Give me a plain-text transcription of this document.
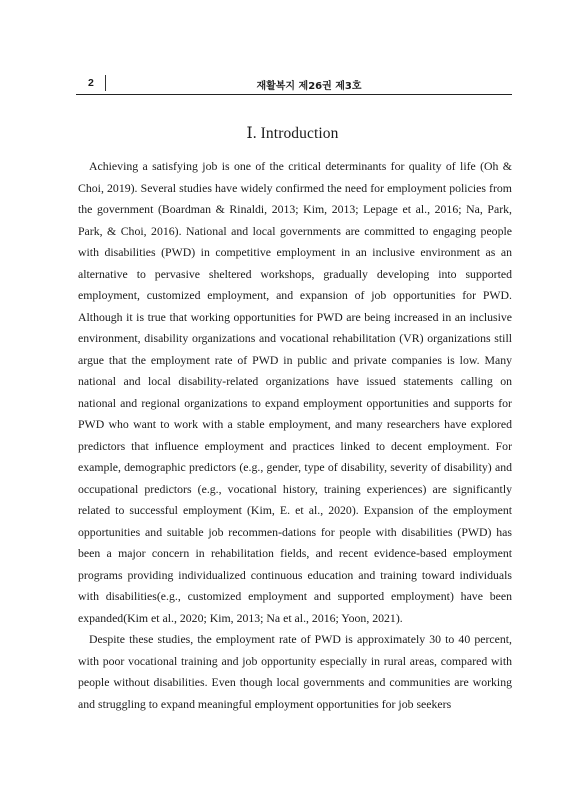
2	재활복지 제26권 제3호
Ⅰ. Introduction

Achieving a satisfying job is one of the critical determinants for quality of life (Oh & Choi, 2019). Several studies have widely confirmed the need for employment policies from the government (Boardman & Rinaldi, 2013; Kim, 2013; Lepage et al., 2016; Na, Park, Park, & Choi, 2016). National and local governments are committed to engaging people with disabilities (PWD) in competitive employment in an inclusive environment as an alternative to pervasive sheltered workshops, gradually developing into supported employment, customized employment, and expansion of job opportunities for PWD. Although it is true that working opportunities for PWD are being increased in an inclusive environment, disability organizations and vocational rehabilitation (VR) organizations still argue that the employment rate of PWD in public and private companies is low. Many national and local disability-related organizations have issued statements calling on national and regional organizations to expand employment opportunities and supports for PWD who want to work with a stable employment, and many researchers have explored predictors that influence employment and practices linked to decent employment. For example, demographic predictors (e.g., gender, type of disability, severity of disability) and occupational predictors (e.g., vocational history, training experiences) are significantly related to successful employment (Kim, E. et al., 2020). Expansion of the employment opportunities and suitable job recommen-dations for people with disabilities (PWD) has been a major concern in rehabilitation fields, and recent evidence-based employment programs providing individualized continuous education and training toward individuals with disabilities(e.g., customized employment and supported employment) have been expanded(Kim et al., 2020; Kim, 2013; Na et al., 2016; Yoon, 2021).

Despite these studies, the employment rate of PWD is approximately 30 to 40 percent, with poor vocational training and job opportunity especially in rural areas, compared with people without disabilities. Even though local governments and communities are working and struggling to expand meaningful employment opportunities for job seekers
